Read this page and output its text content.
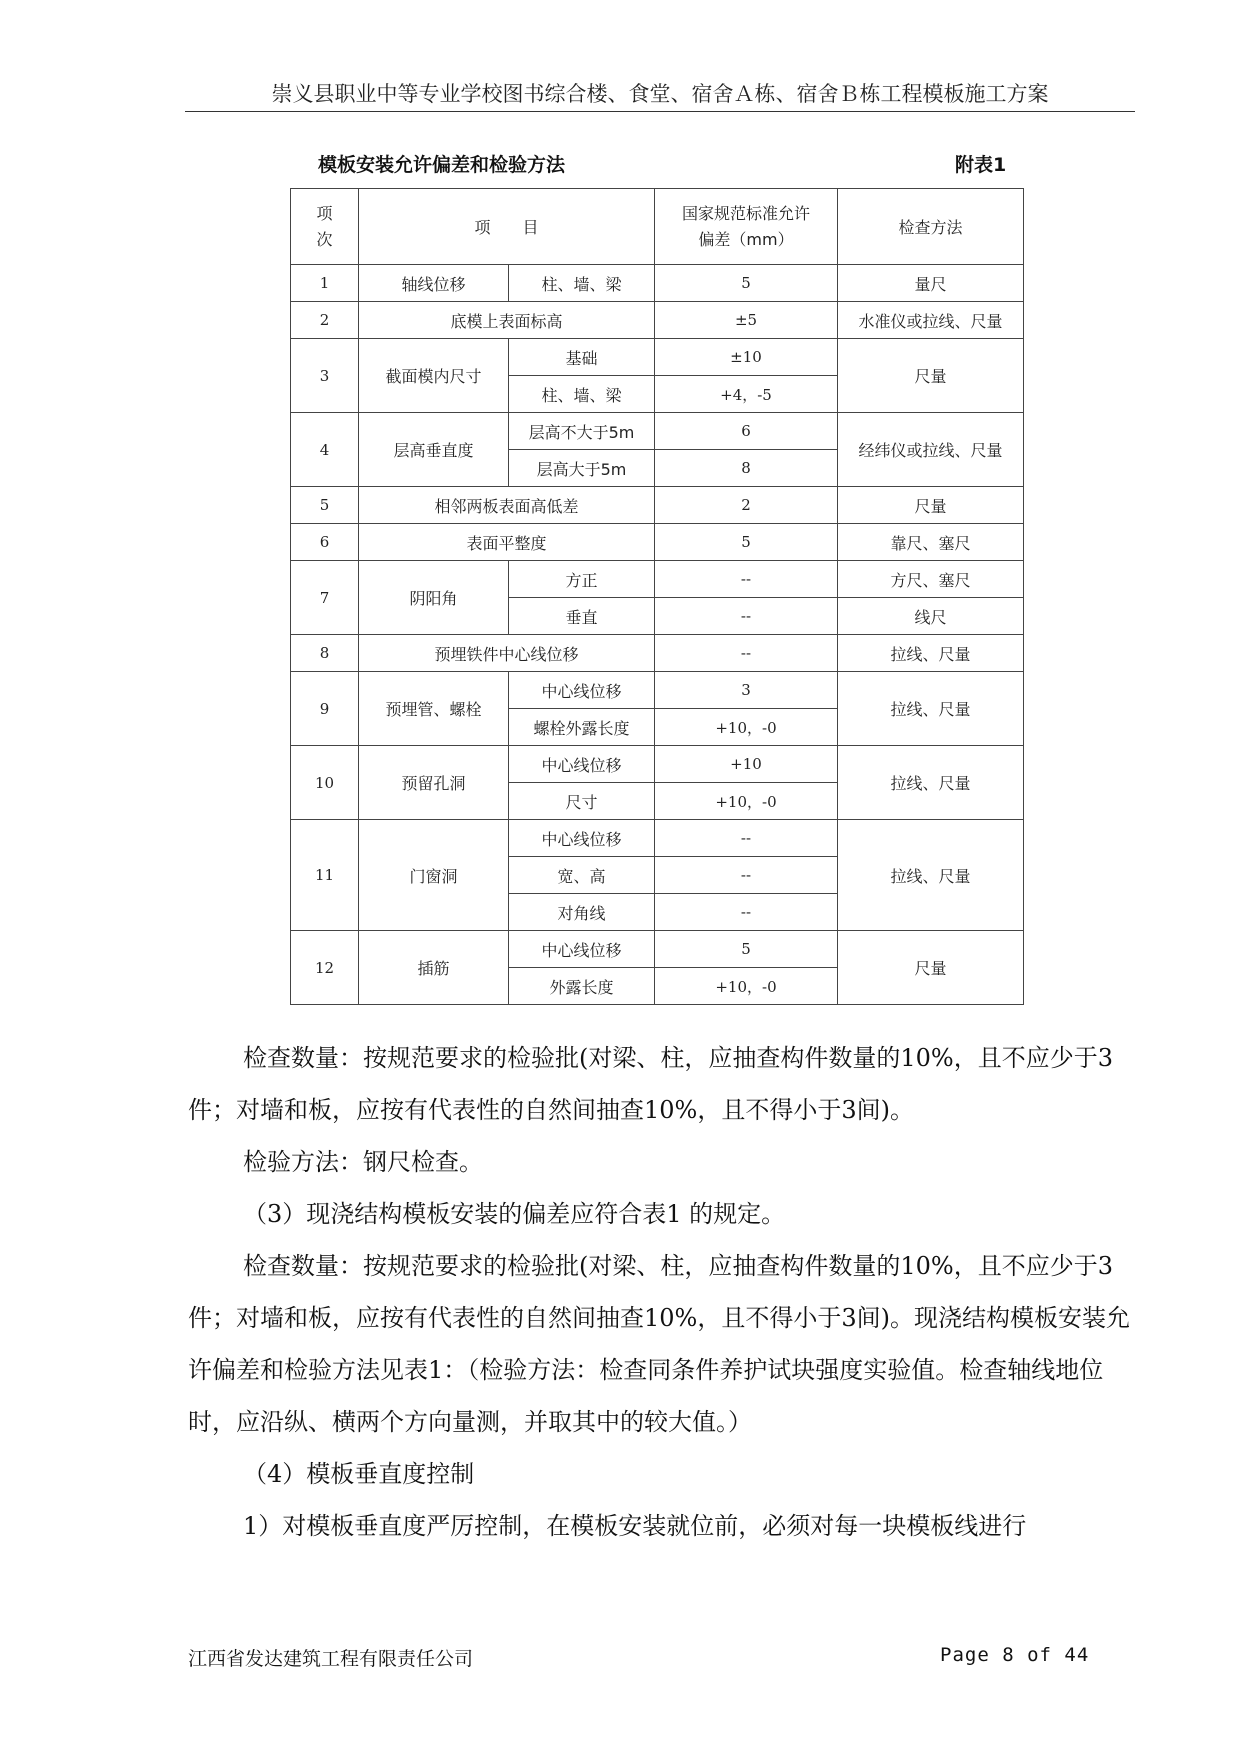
崇义县职业中等专业学校图书综合楼、食堂、宿舍Ａ栋、宿舍Ｂ栋工程模板施工方案
模板安装允许偏差和检验方法	附表1
项次	项　　目		国家规范标准允许偏差（mm）	检查方法
1	轴线位移	柱、墙、梁	5	量尺
2	底模上表面标高		±5	水准仪或拉线、尺量
3	截面模内尺寸	基础	±10	尺量
		柱、墙、梁	+4，-5	
4	层高垂直度	层高不大于5m	6	经纬仪或拉线、尺量
		层高大于5m	8	
5	相邻两板表面高低差		2	尺量
6	表面平整度		5	靠尺、塞尺
7	阴阳角	方正	--	方尺、塞尺
		垂直	--	线尺
8	预埋铁件中心线位移		--	拉线、尺量
9	预埋管、螺栓	中心线位移	3	拉线、尺量
		螺栓外露长度	+10，-0	
10	预留孔洞	中心线位移	+10	拉线、尺量
		尺寸	+10，-0	
11	门窗洞	中心线位移	--	拉线、尺量
		宽、高	--	
		对角线	--	
12	插筋	中心线位移	5	尺量
		外露长度	+10，-0	

检查数量：按规范要求的检验批(对梁、柱，应抽查构件数量的10%，且不应少于3 件；对墙和板，应按有代表性的自然间抽查10%，且不得小于3间)。

检验方法：钢尺检查。

（3）现浇结构模板安装的偏差应符合表1 的规定。

检查数量：按规范要求的检验批(对梁、柱，应抽查构件数量的10%，且不应少于3 件；对墙和板，应按有代表性的自然间抽查10%，且不得小于3间)。现浇结构模板安装允许偏差和检验方法见表1：（检验方法：检查同条件养护试块强度实验值。检查轴线地位时，应沿纵、横两个方向量测，并取其中的较大值。）

（4）模板垂直度控制

1）对模板垂直度严厉控制，在模板安装就位前，必须对每一块模板线进行

江西省发达建筑工程有限责任公司	Page 8 of 44
